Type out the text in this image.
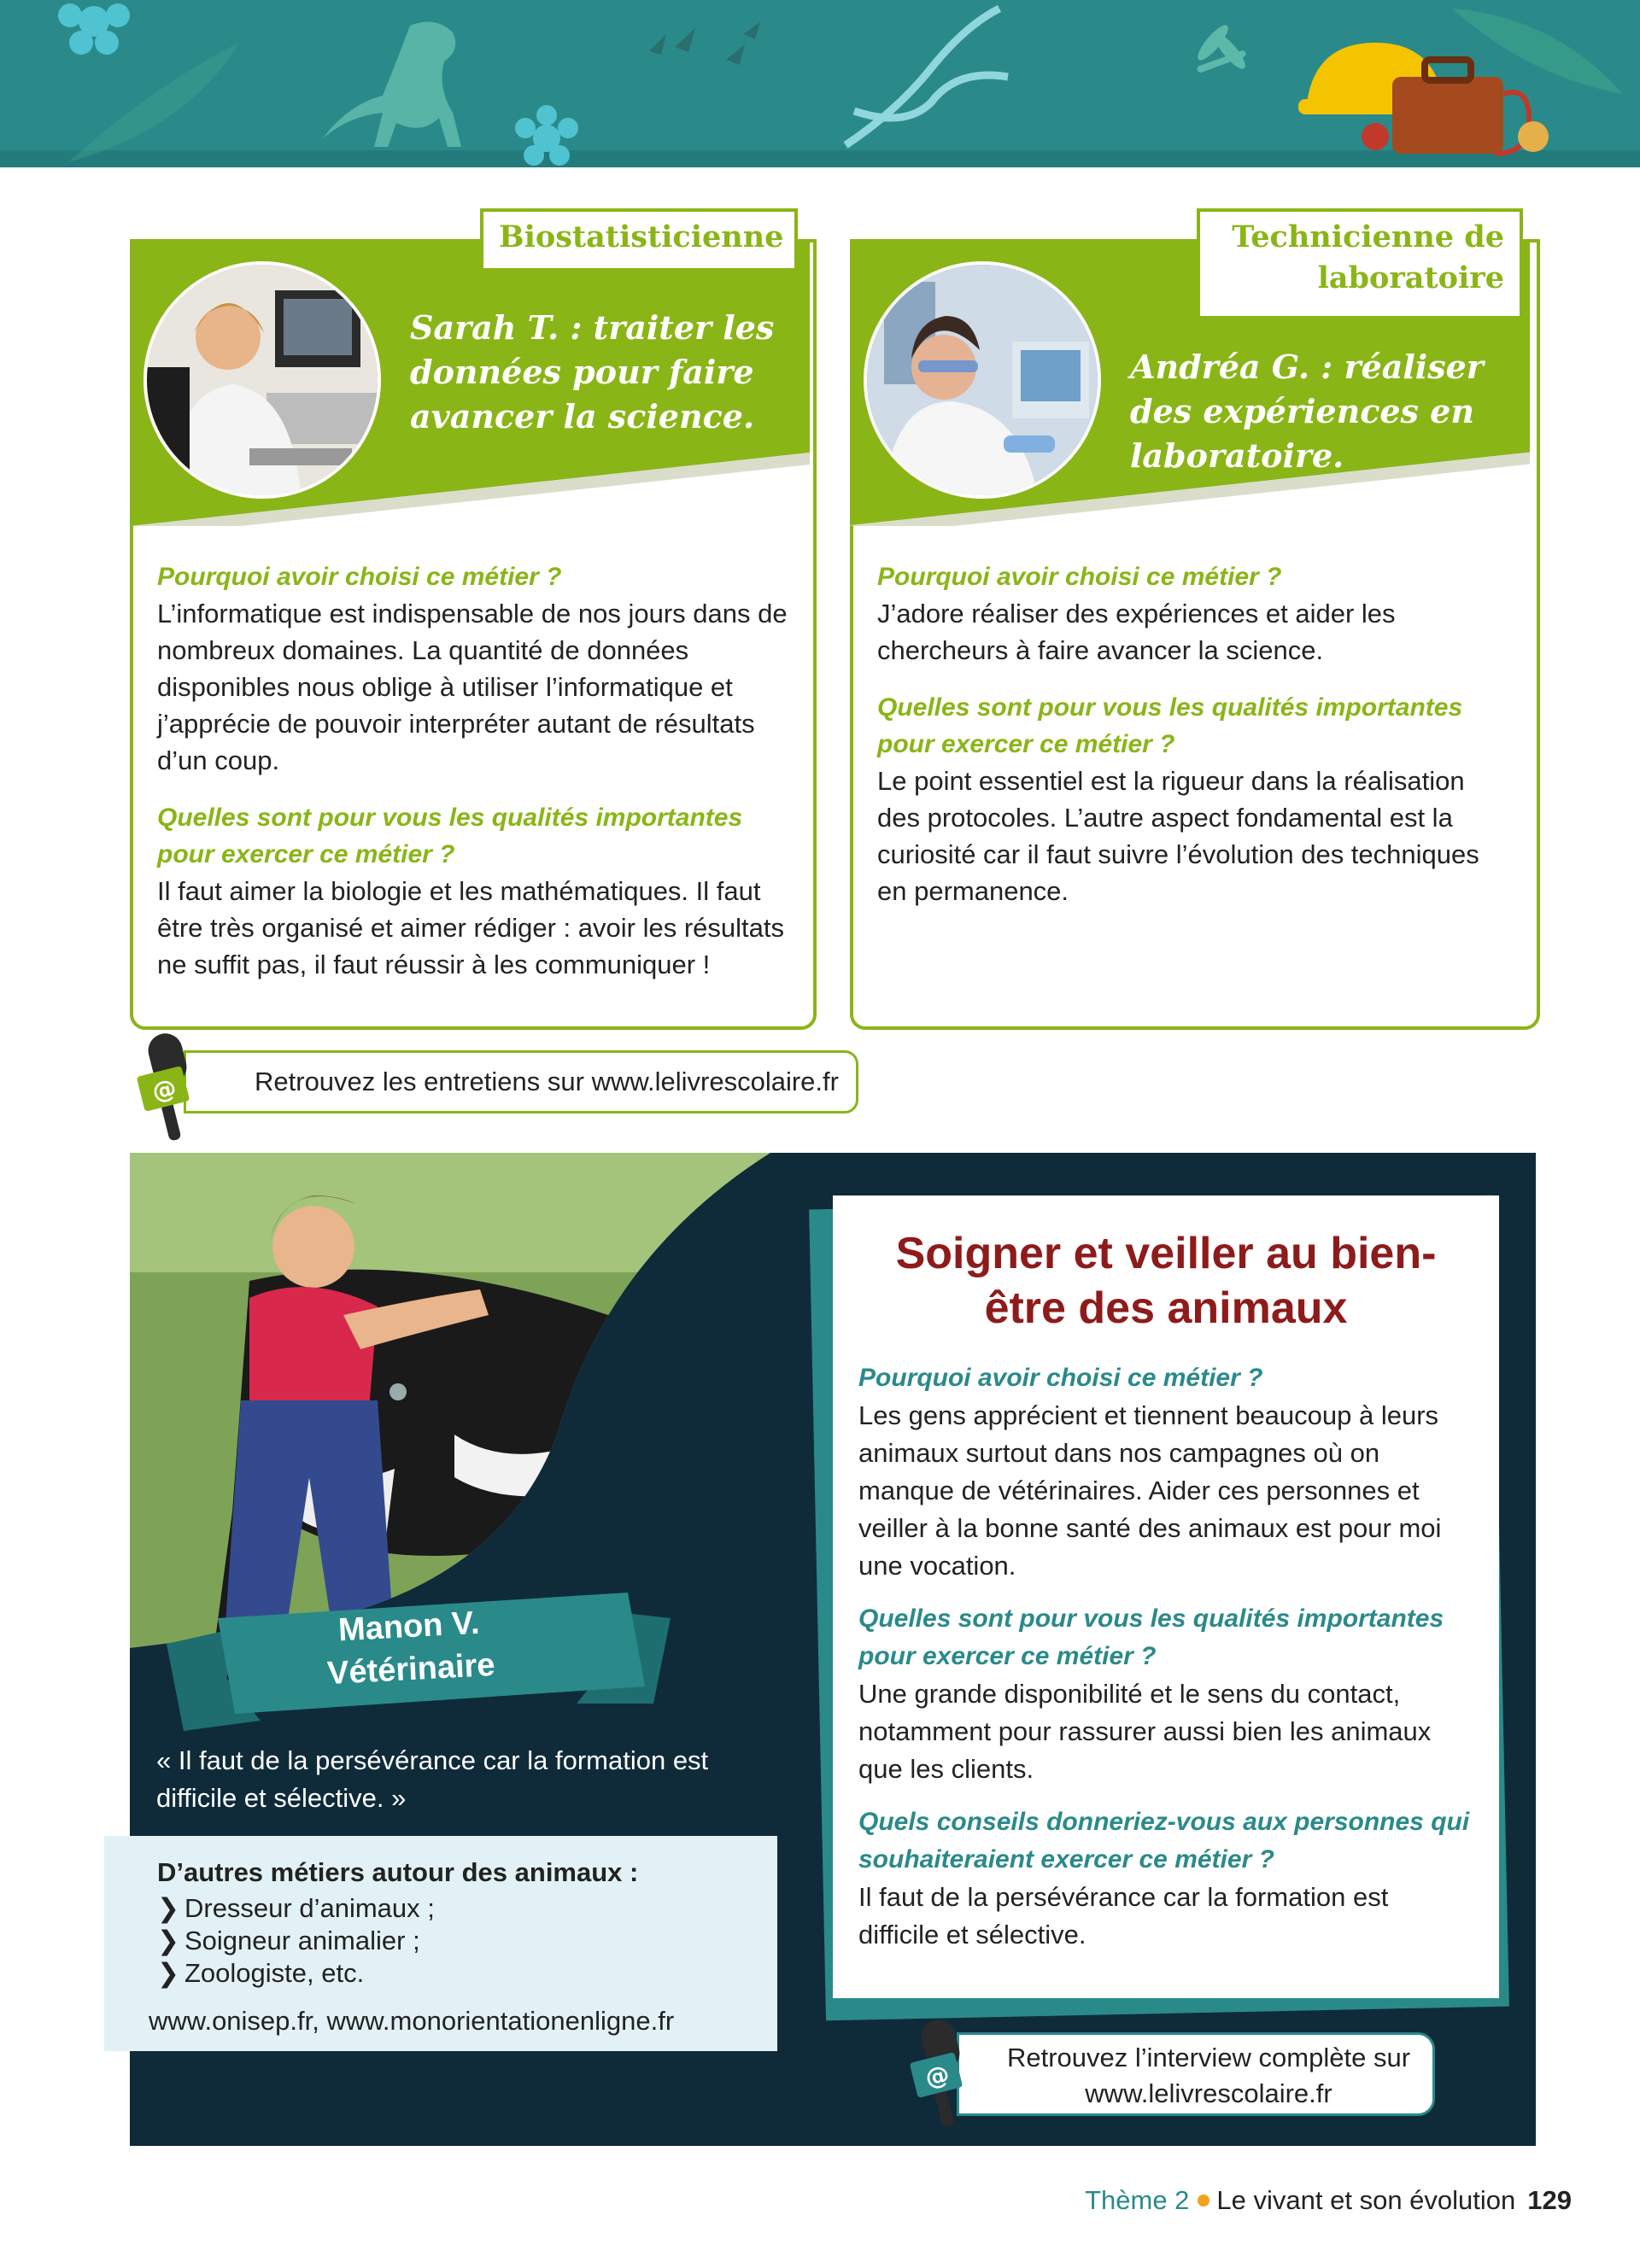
Biostatisticienne
Sarah T. : traiter les données pour faire avancer la science.

Pourquoi avoir choisi ce métier ?

L’informatique est indispensable de nos jours dans de nombreux domaines. La quantité de données disponibles nous oblige à utiliser l’informatique et j’apprécie de pouvoir interpréter autant de résultats d’un coup.

Quelles sont pour vous les qualités importantes pour exercer ce métier ?

Il faut aimer la biologie et les mathématiques. Il faut être très organisé et aimer rédiger : avoir les résultats ne suffit pas, il faut réussir à les communiquer !

Technicienne de
laboratoire
Andréa G. : réaliser des expériences en laboratoire.

Pourquoi avoir choisi ce métier ?

J’adore réaliser des expériences et aider les chercheurs à faire avancer la science.

Quelles sont pour vous les qualités importantes pour exercer ce métier ?

Le point essentiel est la rigueur dans la réalisation des protocoles. L’autre aspect fondamental est la curiosité car il faut suivre l’évolution des techniques en permanence.

Retrouvez les entretiens sur www.lelivrescolaire.fr
@
Manon V.
Vétérinaire
« Il faut de la persévérance car la formation est difficile et sélective. »
D’autres métiers autour des animaux :
❯ Dresseur d’animaux ;
❯ Soigneur animalier ;
❯ Zoologiste, etc.
www.onisep.fr, www.monorientationenligne.fr
Soigner et veiller au bien-être des animaux

Pourquoi avoir choisi ce métier ?

Les gens apprécient et tiennent beaucoup à leurs animaux surtout dans nos campagnes où on manque de vétérinaires. Aider ces personnes et veiller à la bonne santé des animaux est pour moi une vocation.

Quelles sont pour vous les qualités importantes pour exercer ce métier ?

Une grande disponibilité et le sens du contact, notamment pour rassurer aussi bien les animaux que les clients.

Quels conseils donneriez-vous aux personnes qui souhaiteraient exercer ce métier ?

Il faut de la persévérance car la formation est difficile et sélective.

Retrouvez l’interview complète sur
www.lelivrescolaire.fr
@
Thème 2 Le vivant et son évolution 129
